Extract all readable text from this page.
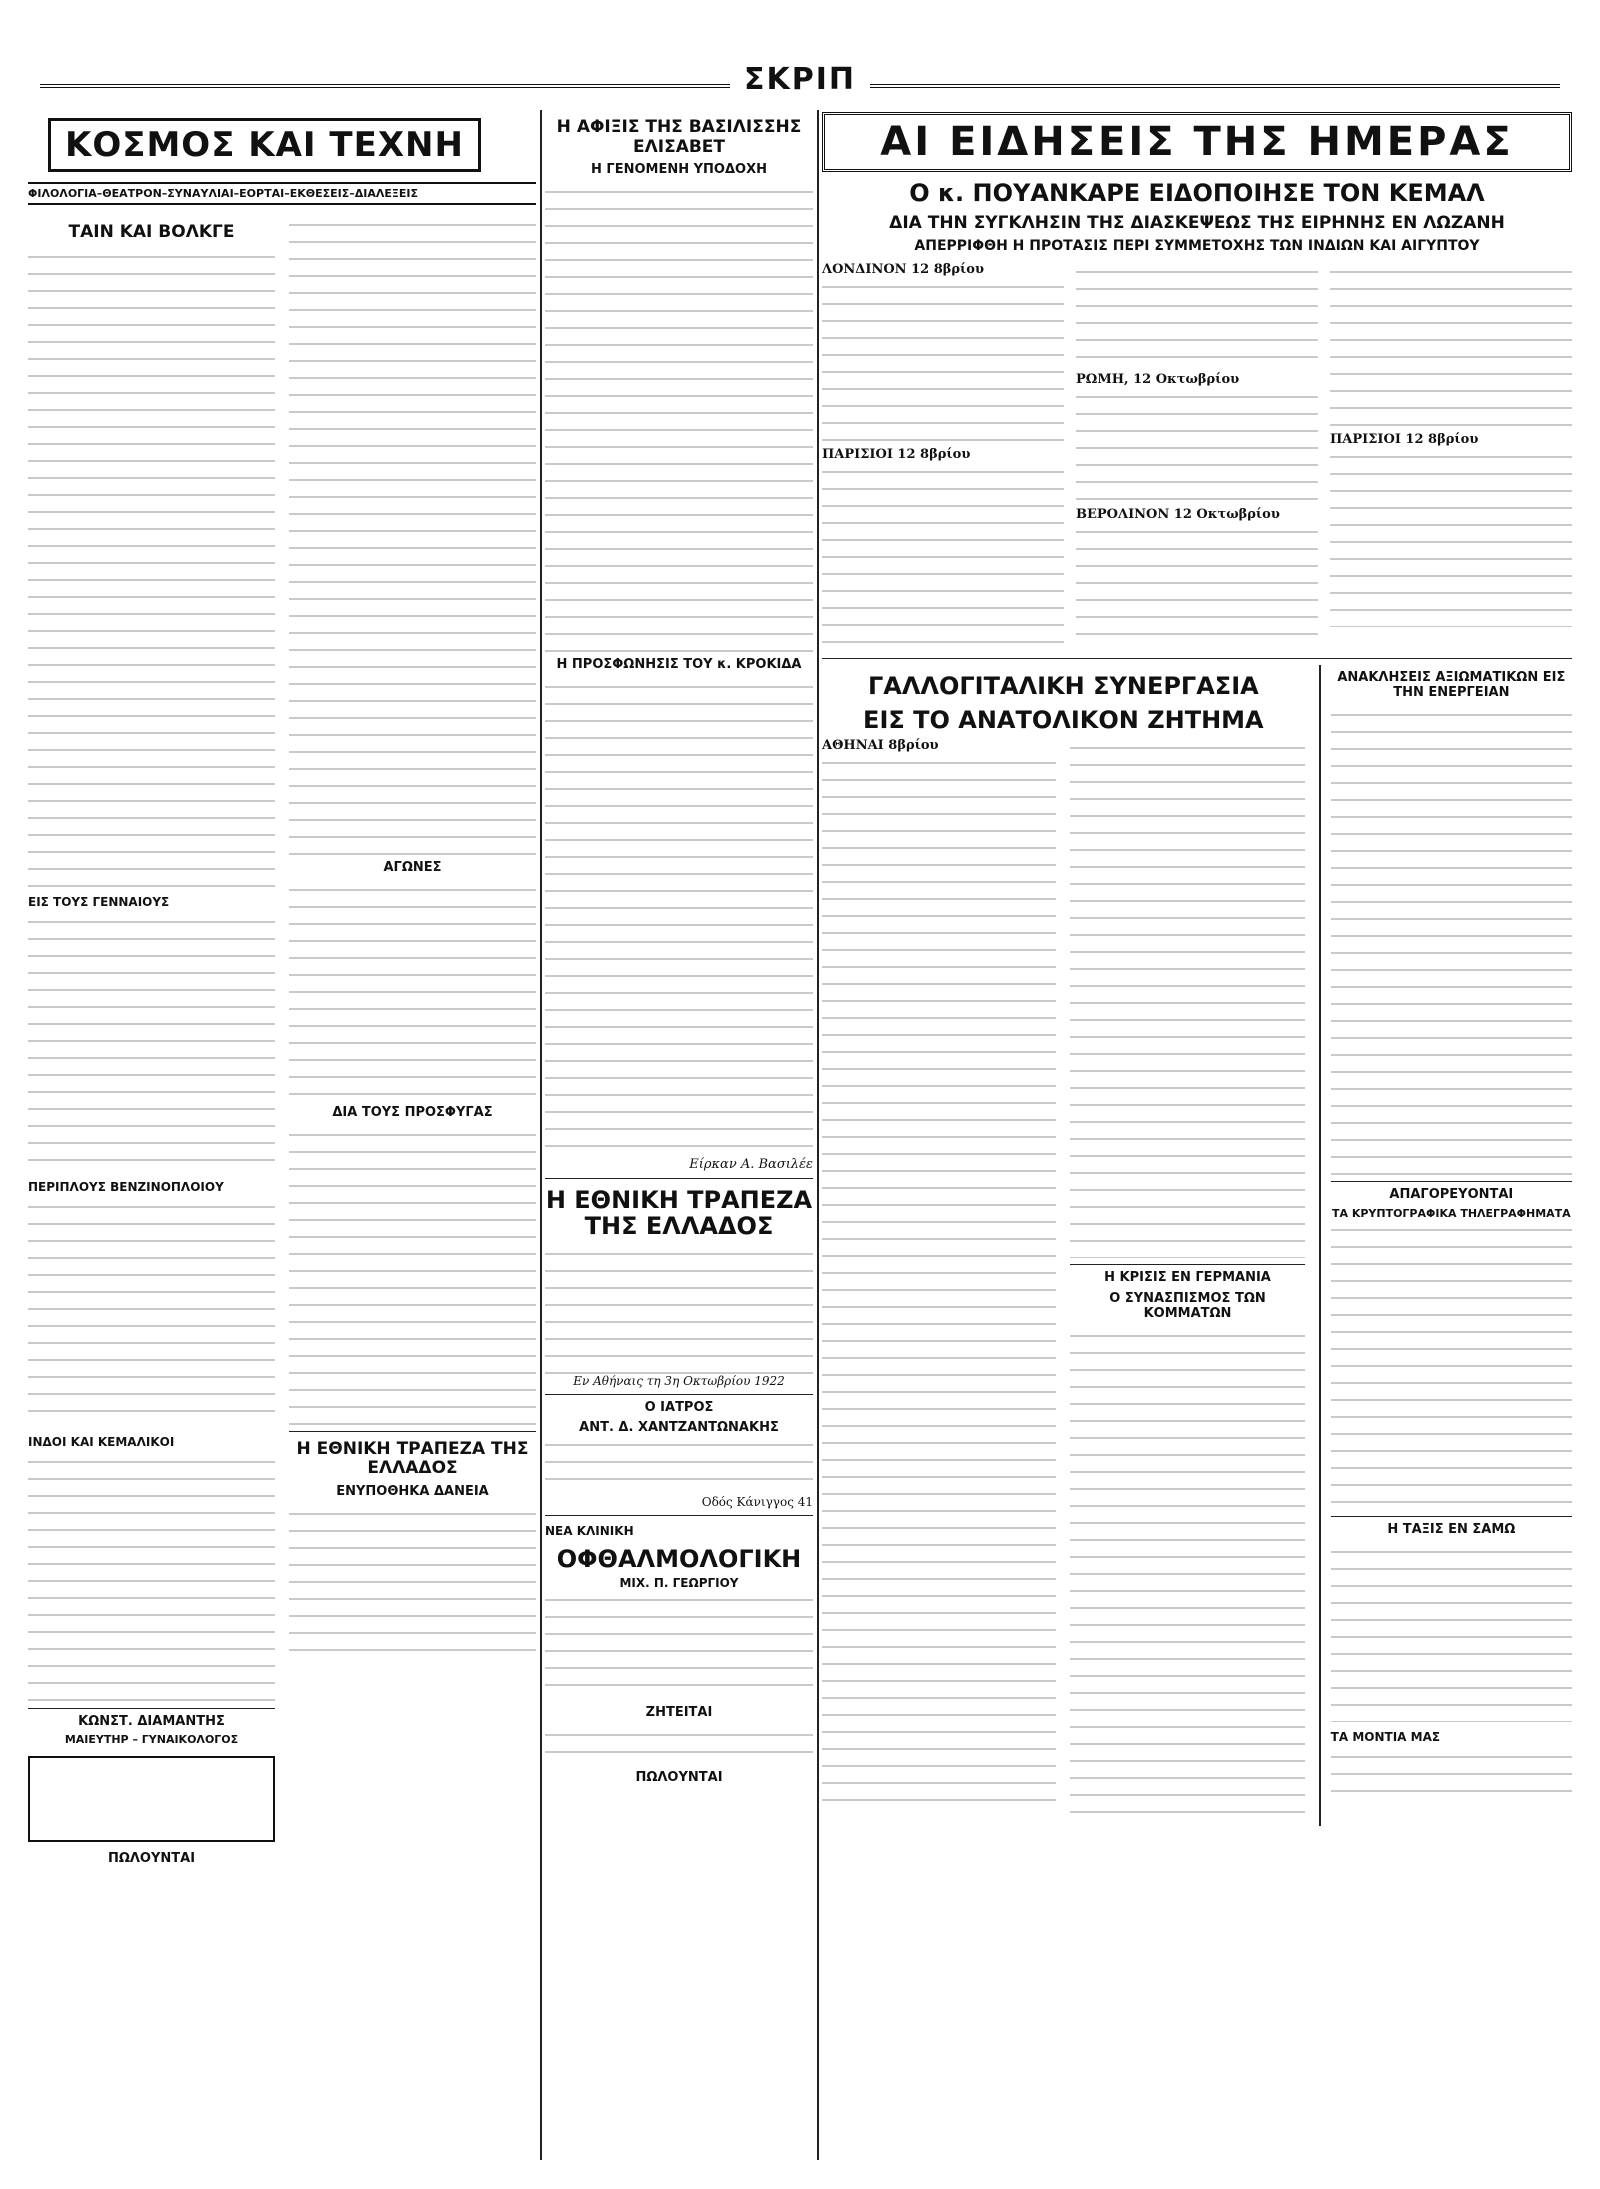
ΣΚΡΙΠ
ΚΟΣΜΟΣ ΚΑΙ ΤΕΧΝΗ
ΦΙΛΟΛΟΓΙΑ–ΘΕΑΤΡΟΝ–ΣΥΝΑΥΛΙΑΙ–ΕΟΡΤΑΙ–ΕΚΘΕΣΕΙΣ–ΔΙΑΛΕΞΕΙΣ
ΤΑΙΝ ΚΑΙ ΒΟΛΚΓΕ

ΕΙΣ ΤΟΥΣ ΓΕΝΝΑΙΟΥΣ
ΠΕΡΙΠΛΟΥΣ ΒΕΝΖΙΝΟΠΛΟΙΟΥ
ΙΝΔΟΙ ΚΑΙ ΚΕΜΑΛΙΚΟΙ
ΚΩΝΣΤ. ΔΙΑΜΑΝΤΗΣ
ΜΑΙΕΥΤΗΡ – ΓΥΝΑΙΚΟΛΟΓΟΣ
ΠΩΛΟΥΝΤΑΙ
ΑΓΩΝΕΣ
ΔΙΑ ΤΟΥΣ ΠΡΟΣΦΥΓΑΣ
Η ΕΘΝΙΚΗ ΤΡΑΠΕΖΑ ΤΗΣ ΕΛΛΑΔΟΣ
ΕΝΥΠΟΘΗΚΑ ΔΑΝΕΙΑ
Η ΑΦΙΞΙΣ ΤΗΣ ΒΑΣΙΛΙΣΣΗΣ ΕΛΙΣΑΒΕΤ
Η ΓΕΝΟΜΕΝΗ ΥΠΟΔΟΧΗ
Η ΠΡΟΣΦΩΝΗΣΙΣ ΤΟΥ κ. ΚΡΟΚΙΔΑ
Είρκαν Α. Βασιλέε
Η ΕΘΝΙΚΗ ΤΡΑΠΕΖΑ ΤΗΣ ΕΛΛΑΔΟΣ
Εν Αθήναις τη 3η Οκτωβρίου 1922
Ο ΙΑΤΡΟΣ
ΑΝΤ. Δ. ΧΑΝΤΖΑΝΤΩΝΑΚΗΣ
Οδός Κάνιγγος 41
ΝΕΑ ΚΛΙΝΙΚΗ
ΟΦΘΑΛΜΟΛΟΓΙΚΗ
ΜΙΧ. Π. ΓΕΩΡΓΙΟΥ
ΖΗΤΕΙΤΑΙ
ΠΩΛΟΥΝΤΑΙ
ΑΙ ΕΙΔΗΣΕΙΣ ΤΗΣ ΗΜΕΡΑΣ
Ο κ. ΠΟΥΑΝΚΑΡΕ ΕΙΔΟΠΟΙΗΣΕ ΤΟΝ ΚΕΜΑΛ
ΔΙΑ ΤΗΝ ΣΥΓΚΛΗΣΙΝ ΤΗΣ ΔΙΑΣΚΕΨΕΩΣ ΤΗΣ ΕΙΡΗΝΗΣ ΕΝ ΛΩΖΑΝΗ
ΑΠΕΡΡΙΦΘΗ Η ΠΡΟΤΑΣΙΣ ΠΕΡΙ ΣΥΜΜΕΤΟΧΗΣ ΤΩΝ ΙΝΔΙΩΝ ΚΑΙ ΑΙΓΥΠΤΟΥ
ΛΟΝΔΙΝΟΝ 12 8βρίου
ΠΑΡΙΣΙΟΙ 12 8βρίου
ΡΩΜΗ, 12 Οκτωβρίου
ΒΕΡΟΛΙΝΟΝ 12 Οκτωβρίου
ΠΑΡΙΣΙΟΙ 12 8βρίου
ΓΑΛΛΟΓΙΤΑΛΙΚΗ ΣΥΝΕΡΓΑΣΙΑ
ΕΙΣ ΤΟ ΑΝΑΤΟΛΙΚΟΝ ΖΗΤΗΜΑ
ΑΘΗΝΑΙ 8βρίου
Η ΚΡΙΣΙΣ ΕΝ ΓΕΡΜΑΝΙΑ
Ο ΣΥΝΑΣΠΙΣΜΟΣ ΤΩΝ ΚΟΜΜΑΤΩΝ
ΑΝΑΚΛΗΣΕΙΣ ΑΞΙΩΜΑΤΙΚΩΝ ΕΙΣ ΤΗΝ ΕΝΕΡΓΕΙΑΝ
ΑΠΑΓΟΡΕΥΟΝΤΑΙ
ΤΑ ΚΡΥΠΤΟΓΡΑΦΙΚΑ ΤΗΛΕΓΡΑΦΗΜΑΤΑ
Η ΤΑΞΙΣ ΕΝ ΣΑΜΩ
ΤΑ ΜΟΝΤΙΑ ΜΑΣ
